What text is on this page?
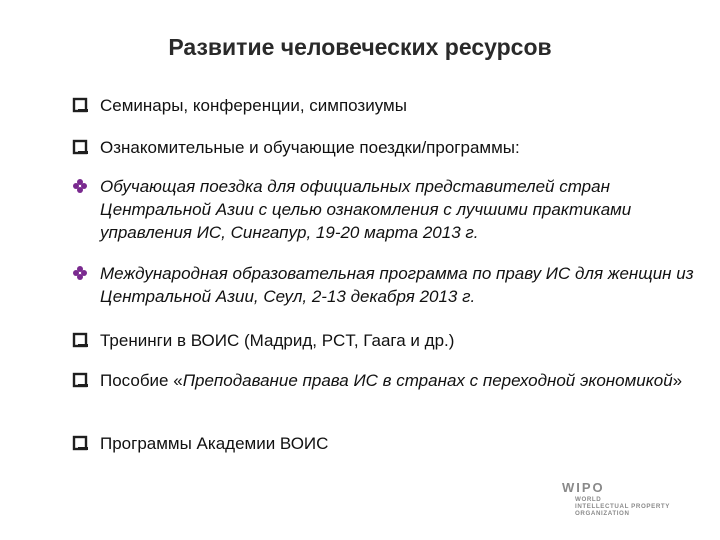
Развитие человеческих ресурсов
Семинары, конференции, симпозиумы
Ознакомительные и обучающие поездки/программы:
Обучающая поездка для официальных представителей стран Центральной Азии с целью ознакомления с лучшими практиками управления ИС, Сингапур, 19-20 марта 2013 г.
Международная образовательная программа по праву ИС для женщин из Центральной Азии, Сеул, 2-13 декабря 2013 г.
Тренинги в ВОИС (Мадрид, PCT, Гаага и др.)
Пособие «Преподавание права ИС в странах с переходной экономикой»
Программы Академии ВОИС
WIPO
WORLD
INTELLECTUAL PROPERTY
ORGANIZATION
